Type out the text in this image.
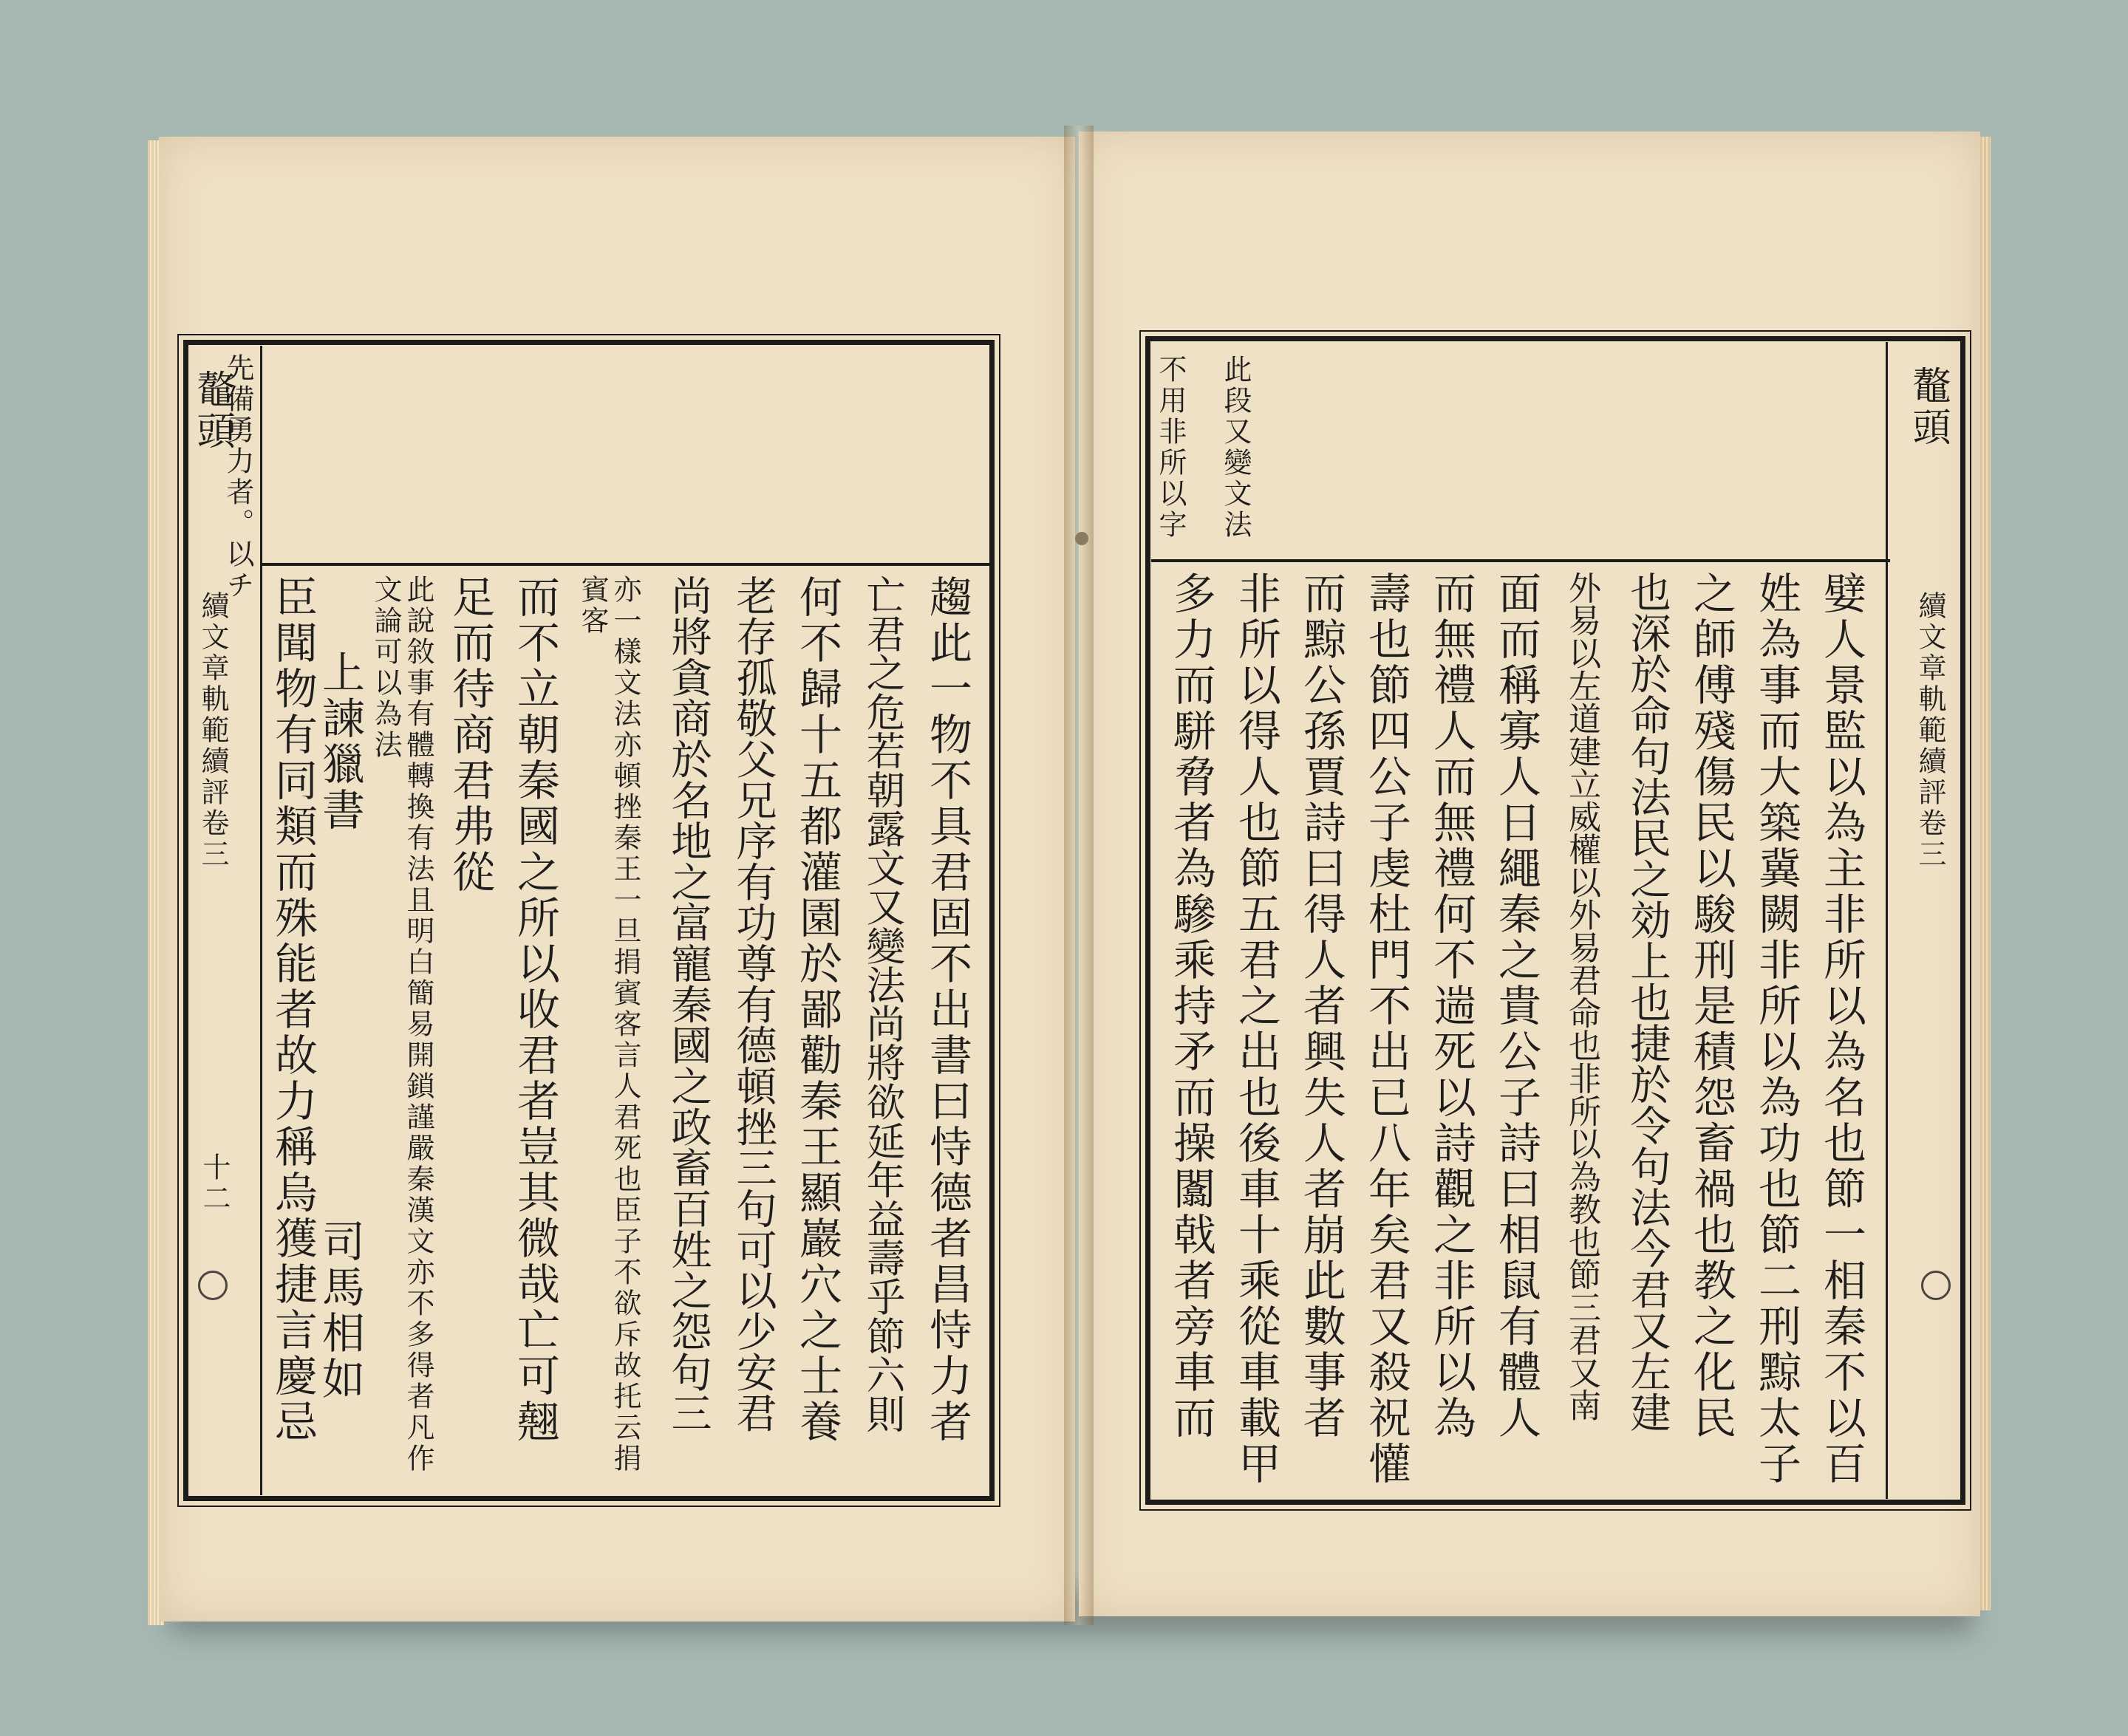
先備勇力者。以チ
鼇頭
續文章軌範續評卷三
十二	趨此一物不具君固不出書曰恃德者昌恃力者
亡君之危若朝露文又變法尚將欲延年益壽乎節六則
何不歸十五都灌園於鄙勸秦王顯巖穴之士養
老存孤敬父兄序有功尊有德頓挫三句可以少安君
尚將貪商於名地之富寵秦國之政畜百姓之怨句三
亦一樣文法亦頓挫秦王一旦捐賓客言人君死也臣子不欲斥故托云捐賓客
而不立朝秦國之所以收君者豈其微哉亡可翹
足而待商君弗從
此說敘事有體轉換有法且明白簡易開鎖謹嚴秦漢文亦不多得者凡作文論可以為法
上諫獵書
司馬相如
臣聞物有同類而殊能者故力稱烏獲捷言慶忌
此段又變文法
不用非所以字	鼇頭
續文章軌範續評卷三
嬖人景監以為主非所以為名也節一相秦不以百
姓為事而大築冀闕非所以為功也節二刑黥太子
之師傅殘傷民以駿刑是積怨畜禍也教之化民
也深於命句法民之効上也捷於令句法今君又左建
外易以左道建立威權以外易君命也非所以為教也節三君又南
面而稱寡人日繩秦之貴公子詩曰相鼠有體人
而無禮人而無禮何不遄死以詩觀之非所以為
壽也節四公子虔杜門不出已八年矣君又殺祝懽
而黥公孫賈詩曰得人者興失人者崩此數事者
非所以得人也節五君之出也後車十乘從車載甲
多力而駢脅者為驂乘持矛而操闟戟者旁車而
